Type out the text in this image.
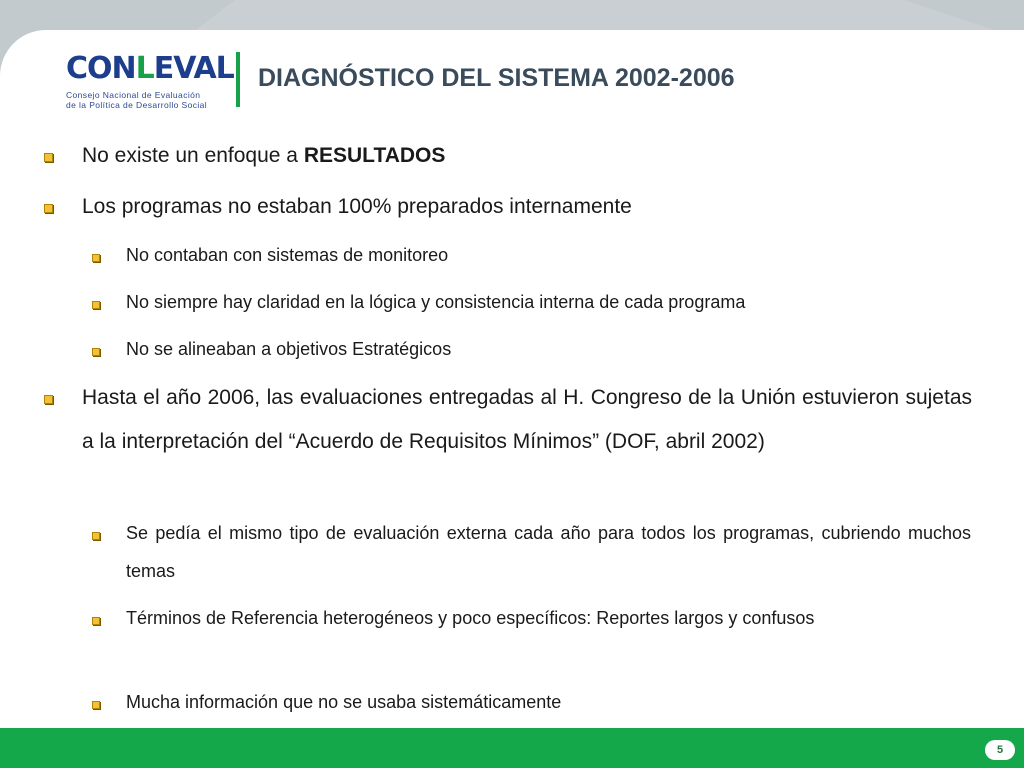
5
CONLEVAL
Consejo Nacional de Evaluación
de la Política de Desarrollo Social
DIAGNÓSTICO DEL SISTEMA 2002-2006
No existe un enfoque a RESULTADOS
Los programas no estaban 100% preparados internamente
No contaban con sistemas de monitoreo
No siempre hay claridad en la lógica y consistencia interna de cada programa
No se alineaban a objetivos Estratégicos
Hasta el año 2006, las evaluaciones entregadas al H. Congreso de la Unión estuvieron sujetas a la interpretación del “Acuerdo de Requisitos Mínimos” (DOF, abril 2002)
Se pedía el mismo tipo de evaluación externa cada año para todos los programas, cubriendo muchos temas
Términos de Referencia heterogéneos y poco específicos: Reportes largos y confusos
Mucha información que no se usaba sistemáticamente
